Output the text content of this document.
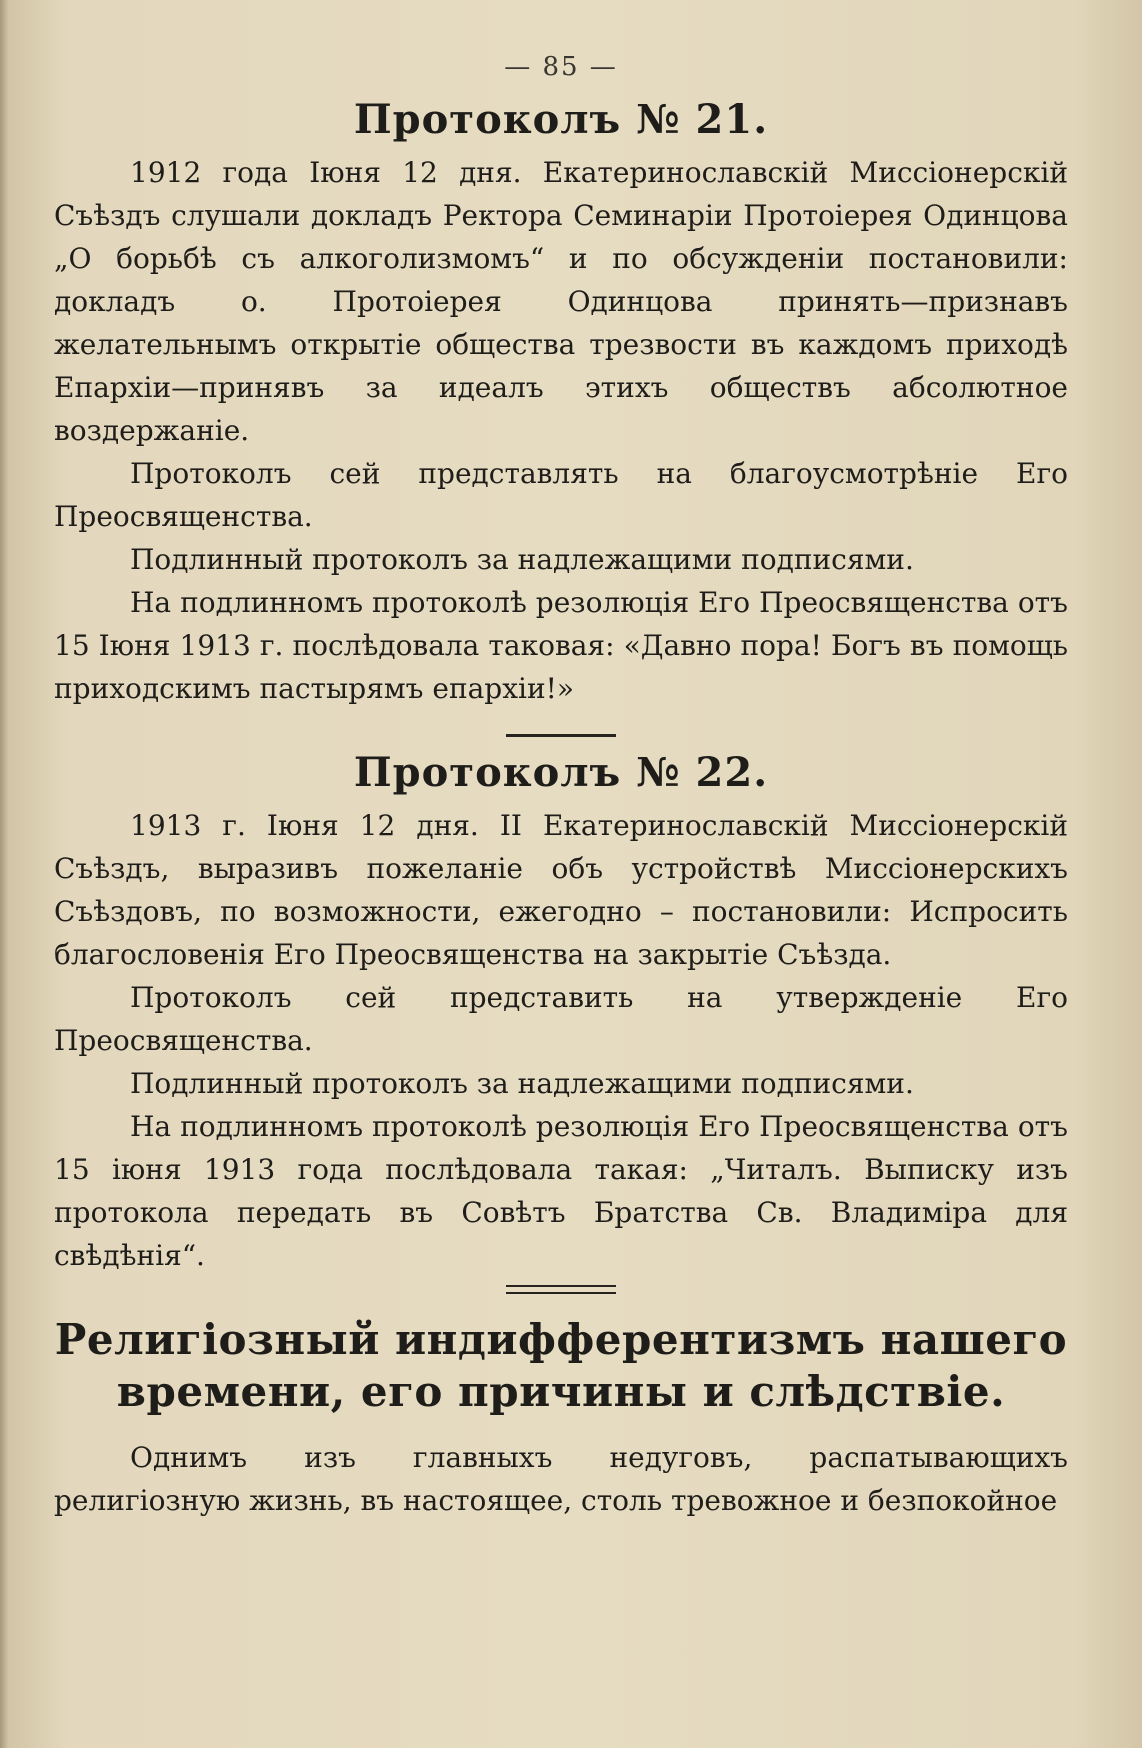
— 85 —
Протоколъ № 21.

1912 года Іюня 12 дня. Екатеринославскій Миссіонерскій Съѣздъ слушали докладъ Ректора Семинаріи Протоіерея Одинцова „О борьбѣ съ алкоголизмомъ“ и по обсужденіи постановили: докладъ о. Протоіерея Одинцова принять—признавъ желательнымъ открытіе общества трезвости въ каждомъ приходѣ Епархіи—принявъ за идеалъ этихъ обществъ абсолютное воздержаніе.

Протоколъ сей представлять на благоусмотрѣніе Его Преосвященства.

Подлинный протоколъ за надлежащими подписями.

На подлинномъ протоколѣ резолюція Его Преосвященства отъ 15 Іюня 1913 г. послѣдовала таковая: «Давно пора! Богъ въ помощь приходскимъ пастырямъ епархіи!»

Протоколъ № 22.

1913 г. Іюня 12 дня. II Екатеринославскій Миссіонерскій Съѣздъ, выразивъ пожеланіе объ устройствѣ Миссіонерскихъ Съѣздовъ, по возможности, ежегодно – постановили: Испросить благословенія Его Преосвященства на закрытіе Съѣзда.

Протоколъ сей представить на утвержденіе Его Преосвященства.

Подлинный протоколъ за надлежащими подписями.

На подлинномъ протоколѣ резолюція Его Преосвященства отъ 15 іюня 1913 года послѣдовала такая: „Читалъ. Выписку изъ протокола передать въ Совѣтъ Братства Св. Владиміра для свѣдѣнія“.

Религіозный индифферентизмъ нашего времени, его причины и слѣдствіе.

Однимъ изъ главныхъ недуговъ, распатывающихъ религіозную жизнь, въ настоящее, столь тревожное и безпокойное
